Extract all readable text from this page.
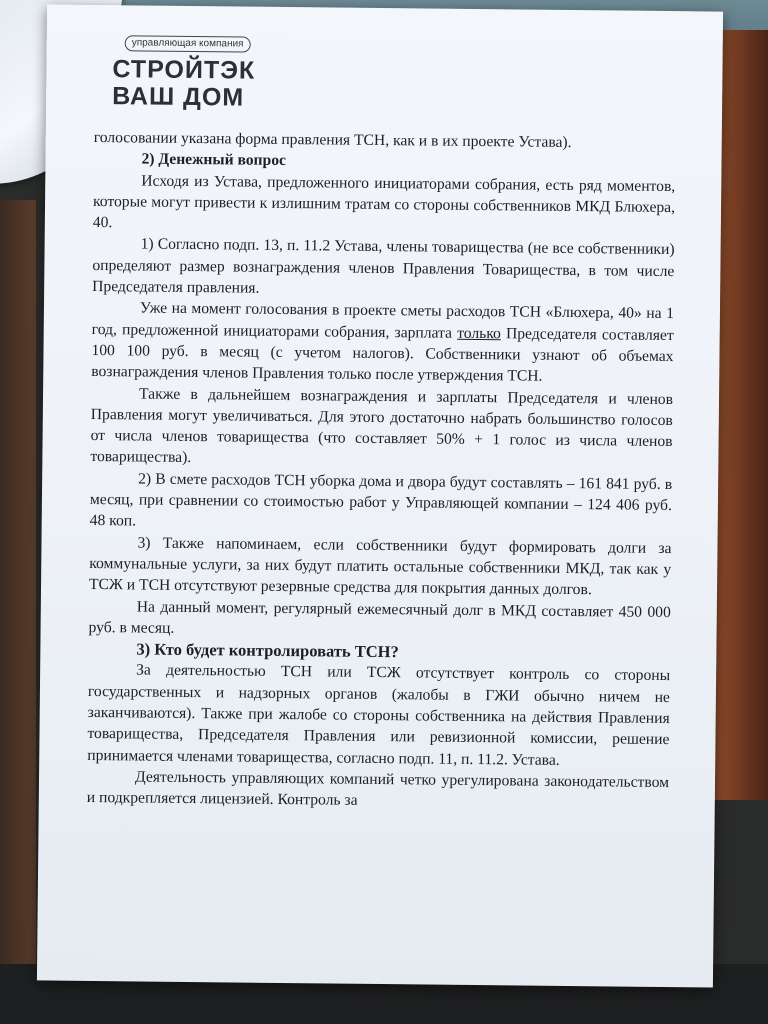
управляющая компания
СТРОЙТЭК
ВАШ ДОМ

голосовании указана форма правления ТСН, как и в их проекте Устава).

2) Денежный вопрос

Исходя из Устава, предложенного инициаторами собрания, есть ряд моментов, которые могут привести к излишним тратам со стороны собственников МКД Блюхера, 40.

1) Согласно подп. 13, п. 11.2 Устава, члены товарищества (не все собственники) определяют размер вознаграждения членов Правления Товарищества, в том числе Председателя правления.

Уже на момент голосования в проекте сметы расходов ТСН «Блюхера, 40» на 1 год, предложенной инициаторами собрания, зарплата только Председателя составляет 100 100 руб. в месяц (с учетом налогов). Собственники узнают об объемах вознаграждения членов Правления только после утверждения ТСН.

Также в дальнейшем вознаграждения и зарплаты Председателя и членов Правления могут увеличиваться. Для этого достаточно набрать большинство голосов от числа членов товарищества (что составляет 50% + 1 голос из числа членов товарищества).

2) В смете расходов ТСН уборка дома и двора будут составлять – 161 841 руб. в месяц, при сравнении со стоимостью работ у Управляющей компании – 124 406 руб. 48 коп.

3) Также напоминаем, если собственники будут формировать долги за коммунальные услуги, за них будут платить остальные собственники МКД, так как у ТСЖ и ТСН отсутствуют резервные средства для покрытия данных долгов.

На данный момент, регулярный ежемесячный долг в МКД составляет 450 000 руб. в месяц.

3) Кто будет контролировать ТСН?

За деятельностью ТСН или ТСЖ отсутствует контроль со стороны государственных и надзорных органов (жалобы в ГЖИ обычно ничем не заканчиваются). Также при жалобе со стороны собственника на действия Правления товарищества, Председателя Правления или ревизионной комиссии, решение принимается членами товарищества, согласно подп. 11, п. 11.2. Устава.

Деятельность управляющих компаний четко урегулирована законодательством и подкрепляется лицензией. Контроль за
